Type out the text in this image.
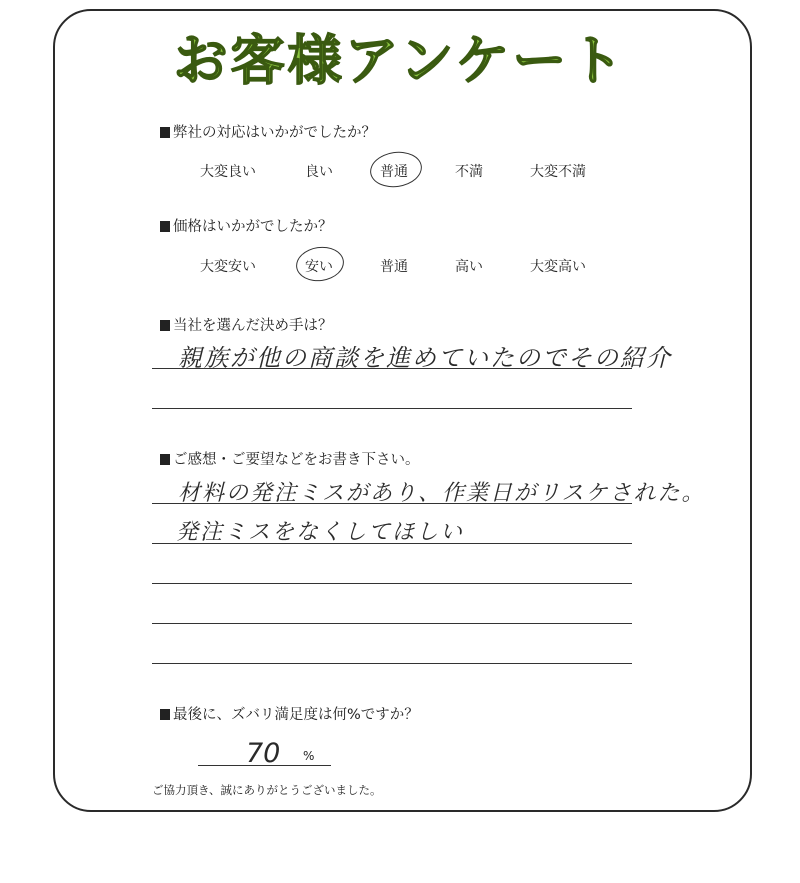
お客様アンケート
弊社の対応はいかがでしたか？
大変良い	良い	普通	不満	大変不満
価格はいかがでしたか？
大変安い	安い	普通	高い	大変高い
当社を選んだ決め手は？
親族が他の商談を進めていたのでその紹介
ご感想・ご要望などをお書き下さい。
材料の発注ミスがあり、作業日がリスケされた。
発注ミスをなくしてほしい
最後に、ズバリ満足度は何%ですか？
70 %
ご協力頂き、誠にありがとうございました。
